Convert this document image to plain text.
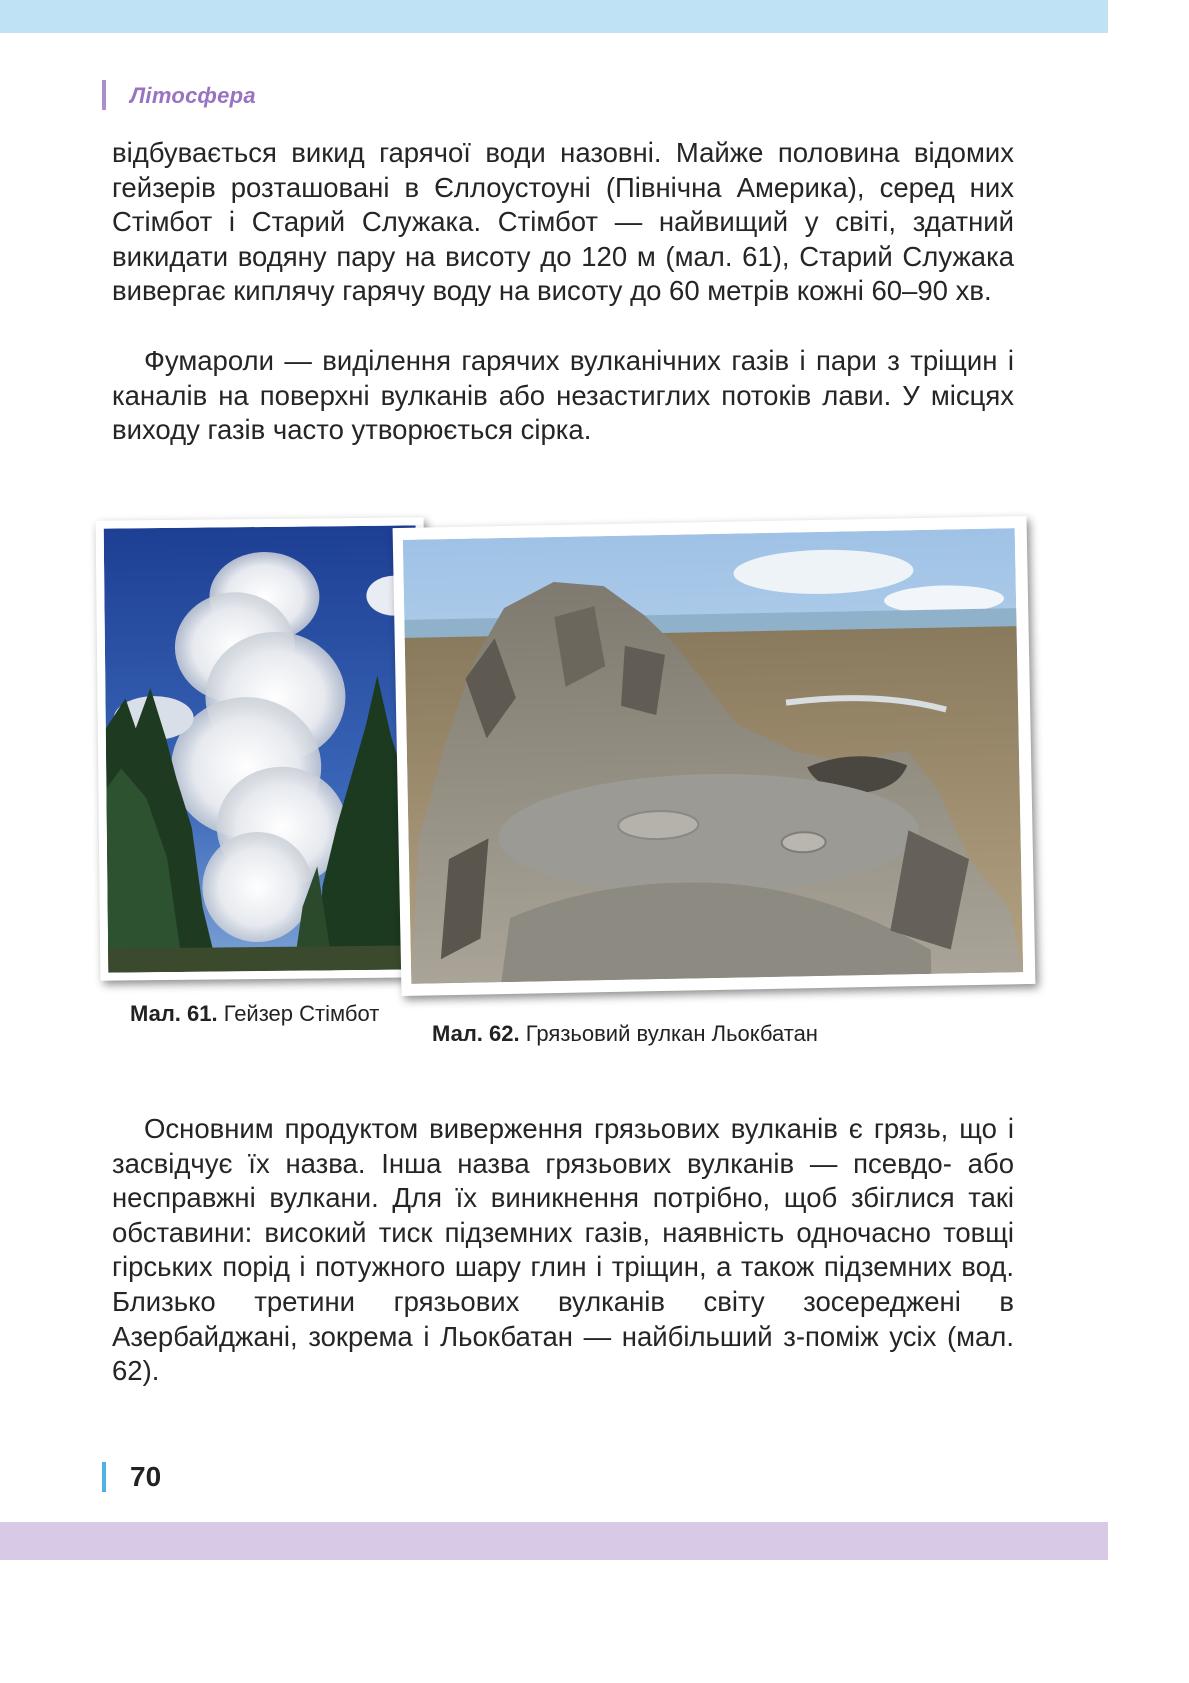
Літосфера

відбувається викид гарячої води назовні. Майже половина відомих гейзерів розташовані в Єллоустоуні (Північна Америка), серед них Стімбот і Старий Служака. Стімбот — найвищий у світі, здатний викидати водяну пару на висоту до 120 м (мал. 61), Старий Служака вивергає киплячу гарячу воду на висоту до 60 метрів кожні 60–90 хв.

Фумароли — виділення гарячих вулканічних газів і пари з тріщин і каналів на поверхні вулканів або незастиглих потоків лави. У місцях виходу газів часто утворюється сірка.

Мал. 61. Гейзер Стімбот
Мал. 62. Грязьовий вулкан Льокбатан

Основним продуктом виверження грязьових вулканів є грязь, що і засвідчує їх назва. Інша назва грязьових вулканів — псевдо- або несправжні вулкани. Для їх виникнення потрібно, щоб збіглися такі обставини: високий тиск підземних газів, наявність одночасно товщі гірських порід і потужного шару глин і тріщин, а також підземних вод. Близько третини грязьових вулканів світу зосереджені в Азербайджані, зокрема і Льокбатан — найбільший з-поміж усіх (мал. 62).

70
